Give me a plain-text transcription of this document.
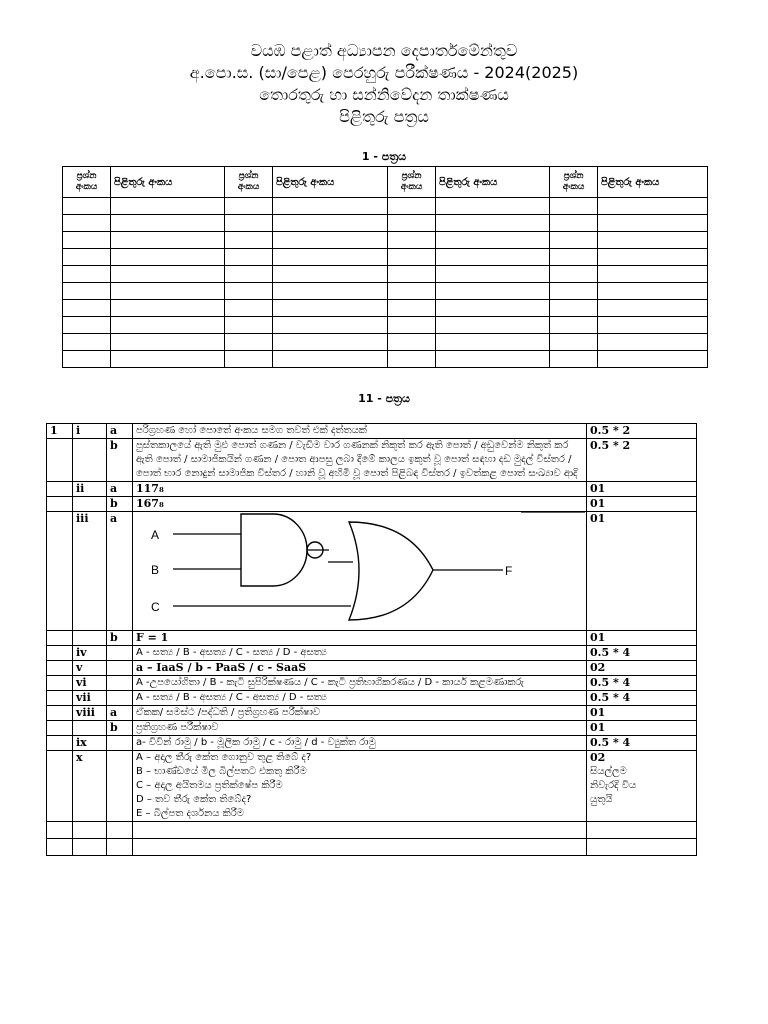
වයඹ පළාත් අධ්‍යාපන දෙපාර්තමේන්තුව
අ.පො.ස. (සා/පෙළ) පෙරහුරු පරීක්ෂණය - 2024(2025)
තොරතුරු හා සන්නිවේදන තාක්ෂණය
පිළිතුරු පත්‍රය
1 - පත්‍රය
ප්‍රශ්න අංකය	පිළිතුරු අංකය	ප්‍රශ්න අංකය	පිළිතුරු අංකය	ප්‍රශ්න අංකය	පිළිතුරු අංකය	ප්‍රශ්න අංකය	පිළිතුරු අංකය

11 - පත්‍රය
1	i	a	පරිග්‍රහණ හෝ පොතේ අංකය සමග තවත් එක් දත්තයක්	0.5 * 2
		b	පුස්තකාලයේ ඇති මුළු පොත් ගණන / වැඩිම වාර ගණනක් නිකුත් කර ඇති පොත් / අඩුවෙන්ම නිකුත් කර ඇති පොත් / සාමාජිකයින් ගණන / පොත ආපසු ලබා දීමේ කාලය ඉකුත් වූ පොත් සඳහා දඩ මුදල් විස්තර /පොත් භාර නොදුන් සාමාජික විස්තර / හානි වූ අහිමි වූ පොත් පිළිබඳ විස්තර / ඉවත්කළ පොත් සංඛ්‍යාව ආදි	0.5 * 2
	ii	a	117₈	01
		b	167₈	01
	iii	a	A
B
C
F	01
		b	F = 1	01
	iv		A - සත්‍ය / B - අසත්‍ය / C - සත්‍ය / D - අසත්‍ය	0.5 * 4
	v		a – IaaS / b - PaaS / c - SaaS	02
	vi		A -උපයෝගිතා / B - කැටි සුපිරික්ෂණය / C - කැටි ප්‍රතිභාගිකරණය / D - කාර්ය කළමණාකරු	0.5 * 4
	vii		A - සත්‍ය / B - අසත්‍ය / C - අසත්‍ය / D - සත්‍ය	0.5 * 4
	viii	a	ඒකක/ සමස්ථ /පද්ධති / ප්‍රතිග්‍රහණ පරීක්ෂාව	01
		b	ප්‍රතිග්‍රහණ පරීක්ෂාව	01
	ix		a- විවින් රාමු / b - මූලික රාමු / c - රාමු / d - ව්‍යුක්ත රාමු	0.5 * 4
	x		A – අදාල තීරු කේත ගොනුව තුළ තිබේ ද?
B – භාණ්ඩයේ මිල බිල්පතට එකතු කිරීම
C – අදාල අයිතමය ප්‍රතික්ෂේප කිරීම
D – තව තීරු කේත තිබේද?
E – බිල්පත දර්ශනය කිරීම	02
සියල්ලම
නිවැරදි විය
යුතුයි
